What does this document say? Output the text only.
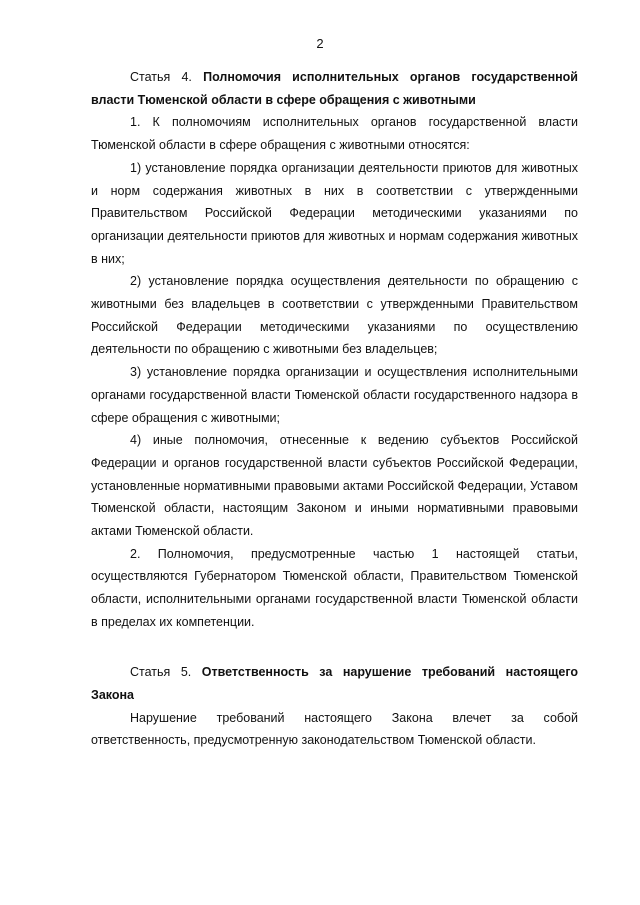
2

Статья 4. Полномочия исполнительных органов государственной власти Тюменской области в сфере обращения с животными

1. К полномочиям исполнительных органов государственной власти Тюменской области в сфере обращения с животными относятся:

1) установление порядка организации деятельности приютов для животных и норм содержания животных в них в соответствии с утвержденными Правительством Российской Федерации методическими указаниями по организации деятельности приютов для животных и нормам содержания животных в них;

2) установление порядка осуществления деятельности по обращению с животными без владельцев в соответствии с утвержденными Правительством Российской Федерации методическими указаниями по осуществлению деятельности по обращению с животными без владельцев;

3) установление порядка организации и осуществления исполнительными органами государственной власти Тюменской области государственного надзора в сфере обращения с животными;

4) иные полномочия, отнесенные к ведению субъектов Российской Федерации и органов государственной власти субъектов Российской Федерации, установленные нормативными правовыми актами Российской Федерации, Уставом Тюменской области, настоящим Законом и иными нормативными правовыми актами Тюменской области.

2. Полномочия, предусмотренные частью 1 настоящей статьи, осуществляются Губернатором Тюменской области, Правительством Тюменской области, исполнительными органами государственной власти Тюменской области в пределах их компетенции.

Статья 5. Ответственность за нарушение требований настоящего Закона

Нарушение требований настоящего Закона влечет за собой ответственность, предусмотренную законодательством Тюменской области.
